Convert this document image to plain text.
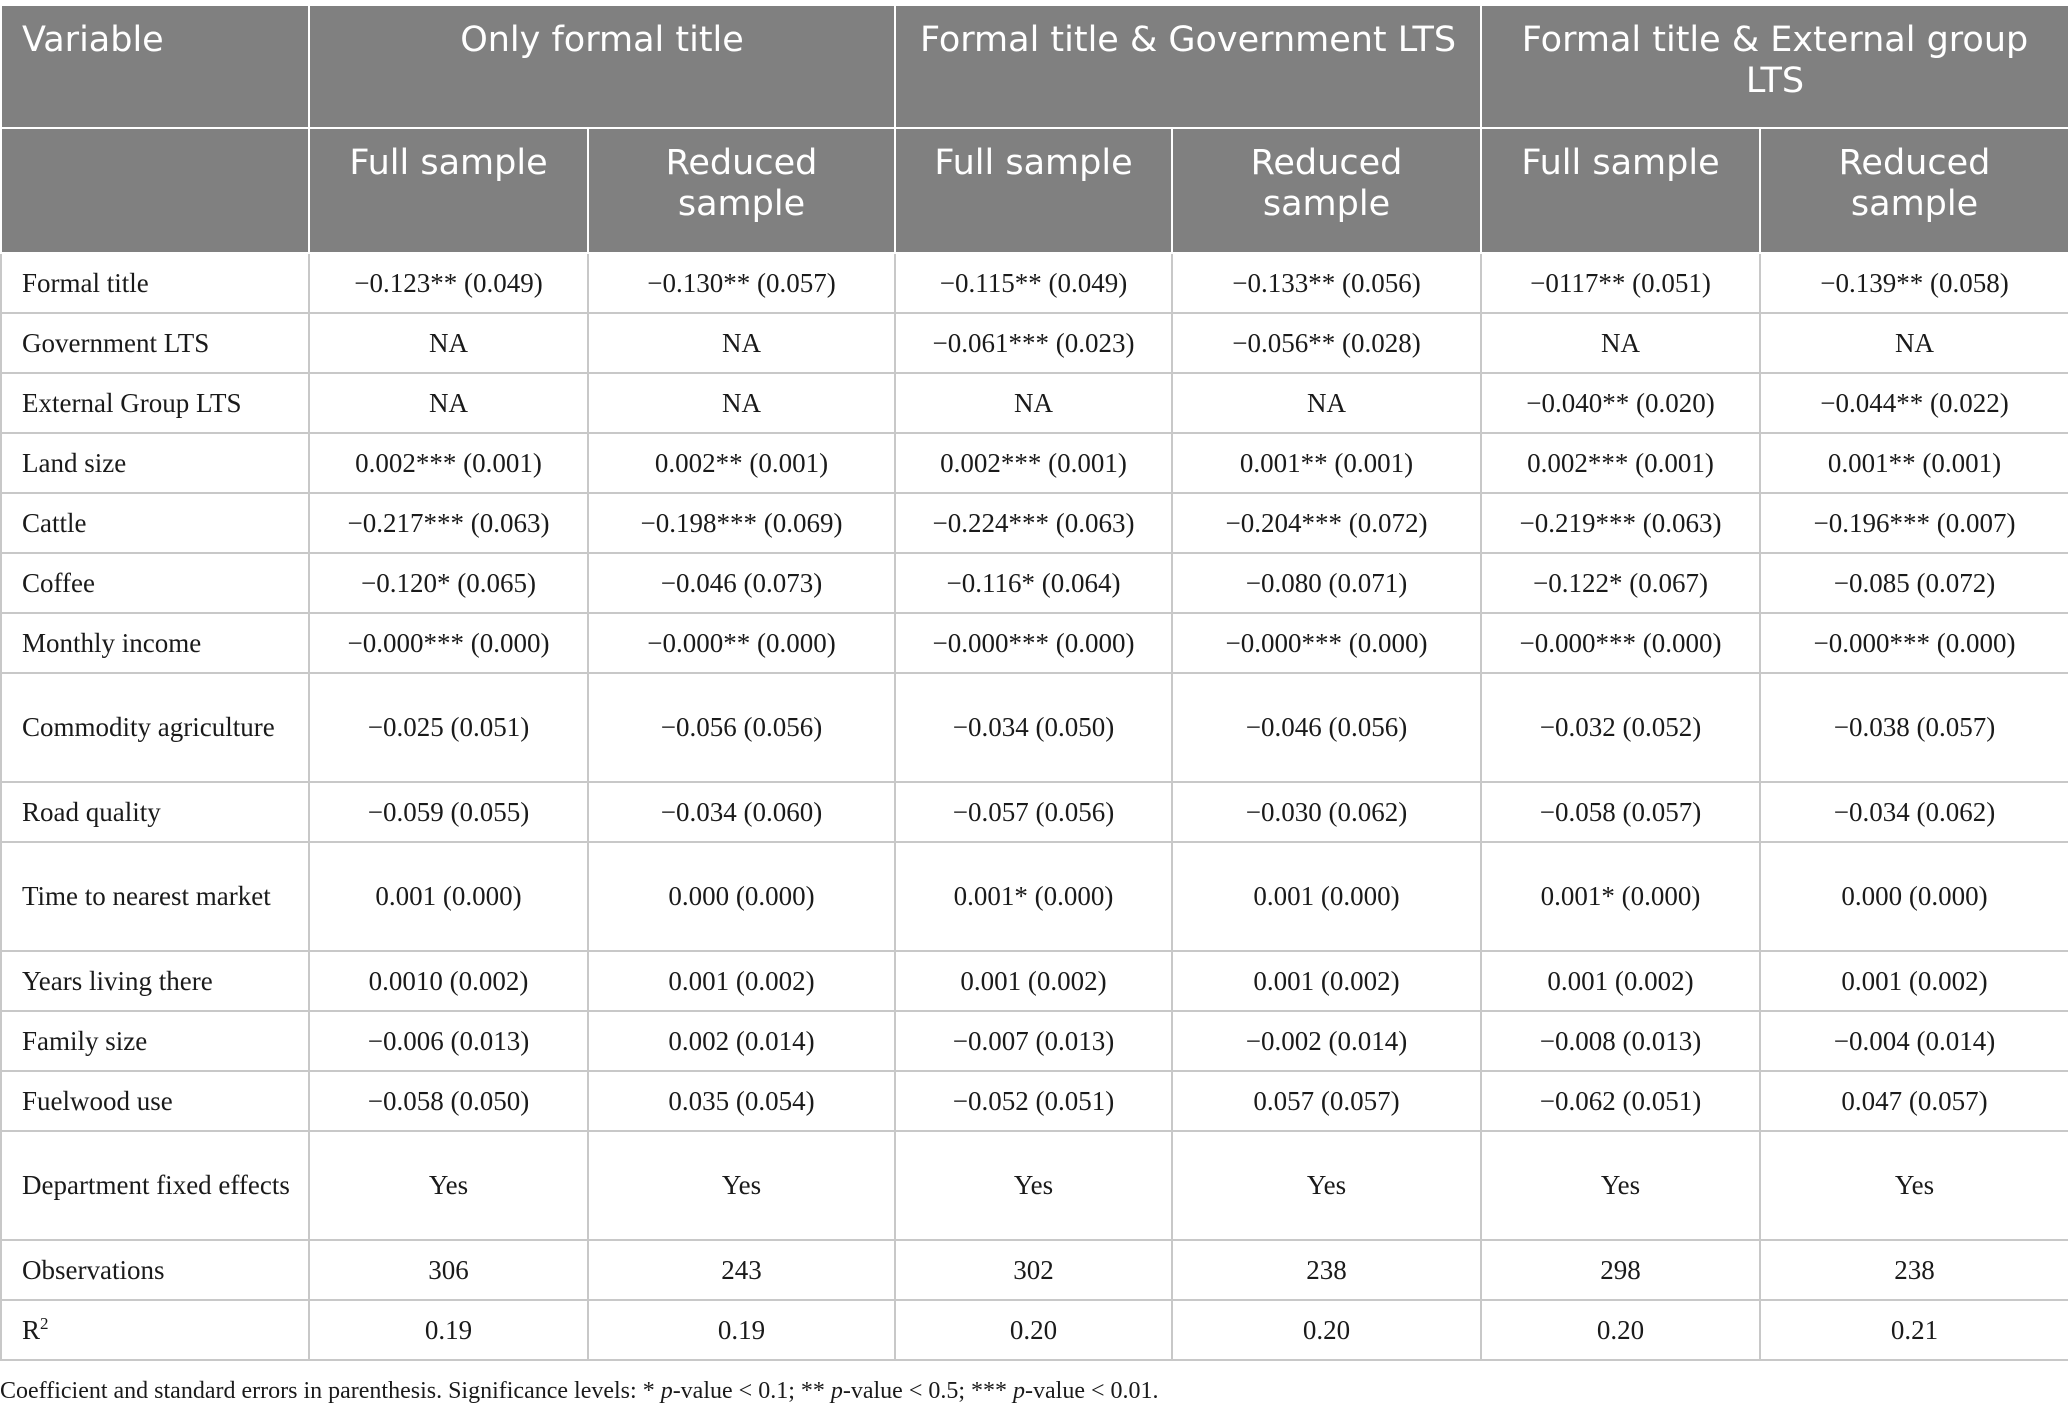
Variable	Only formal title		Formal title & Government LTS		Formal title & External group LTS	
	Full sample	Reduced sample	Full sample	Reduced sample	Full sample	Reduced sample
Formal title	−0.123** (0.049)	−0.130** (0.057)	−0.115** (0.049)	−0.133** (0.056)	−0117** (0.051)	−0.139** (0.058)
Government LTS	NA	NA	−0.061*** (0.023)	−0.056** (0.028)	NA	NA
External Group LTS	NA	NA	NA	NA	−0.040** (0.020)	−0.044** (0.022)
Land size	0.002*** (0.001)	0.002** (0.001)	0.002*** (0.001)	0.001** (0.001)	0.002*** (0.001)	0.001** (0.001)
Cattle	−0.217*** (0.063)	−0.198*** (0.069)	−0.224*** (0.063)	−0.204*** (0.072)	−0.219*** (0.063)	−0.196*** (0.007)
Coffee	−0.120* (0.065)	−0.046 (0.073)	−0.116* (0.064)	−0.080 (0.071)	−0.122* (0.067)	−0.085 (0.072)
Monthly income	−0.000*** (0.000)	−0.000** (0.000)	−0.000*** (0.000)	−0.000*** (0.000)	−0.000*** (0.000)	−0.000*** (0.000)
Commodity agriculture	−0.025 (0.051)	−0.056 (0.056)	−0.034 (0.050)	−0.046 (0.056)	−0.032 (0.052)	−0.038 (0.057)
Road quality	−0.059 (0.055)	−0.034 (0.060)	−0.057 (0.056)	−0.030 (0.062)	−0.058 (0.057)	−0.034 (0.062)
Time to nearest market	0.001 (0.000)	0.000 (0.000)	0.001* (0.000)	0.001 (0.000)	0.001* (0.000)	0.000 (0.000)
Years living there	0.0010 (0.002)	0.001 (0.002)	0.001 (0.002)	0.001 (0.002)	0.001 (0.002)	0.001 (0.002)
Family size	−0.006 (0.013)	0.002 (0.014)	−0.007 (0.013)	−0.002 (0.014)	−0.008 (0.013)	−0.004 (0.014)
Fuelwood use	−0.058 (0.050)	0.035 (0.054)	−0.052 (0.051)	0.057 (0.057)	−0.062 (0.051)	0.047 (0.057)
Department fixed effects	Yes	Yes	Yes	Yes	Yes	Yes
Observations	306	243	302	238	298	238
$R^2$	0.19	0.19	0.20	0.20	0.20	0.21

Coefficient and standard errors in parenthesis. Significance levels: * p-value < 0.1; ** p-value < 0.5; *** p-value < 0.01.
